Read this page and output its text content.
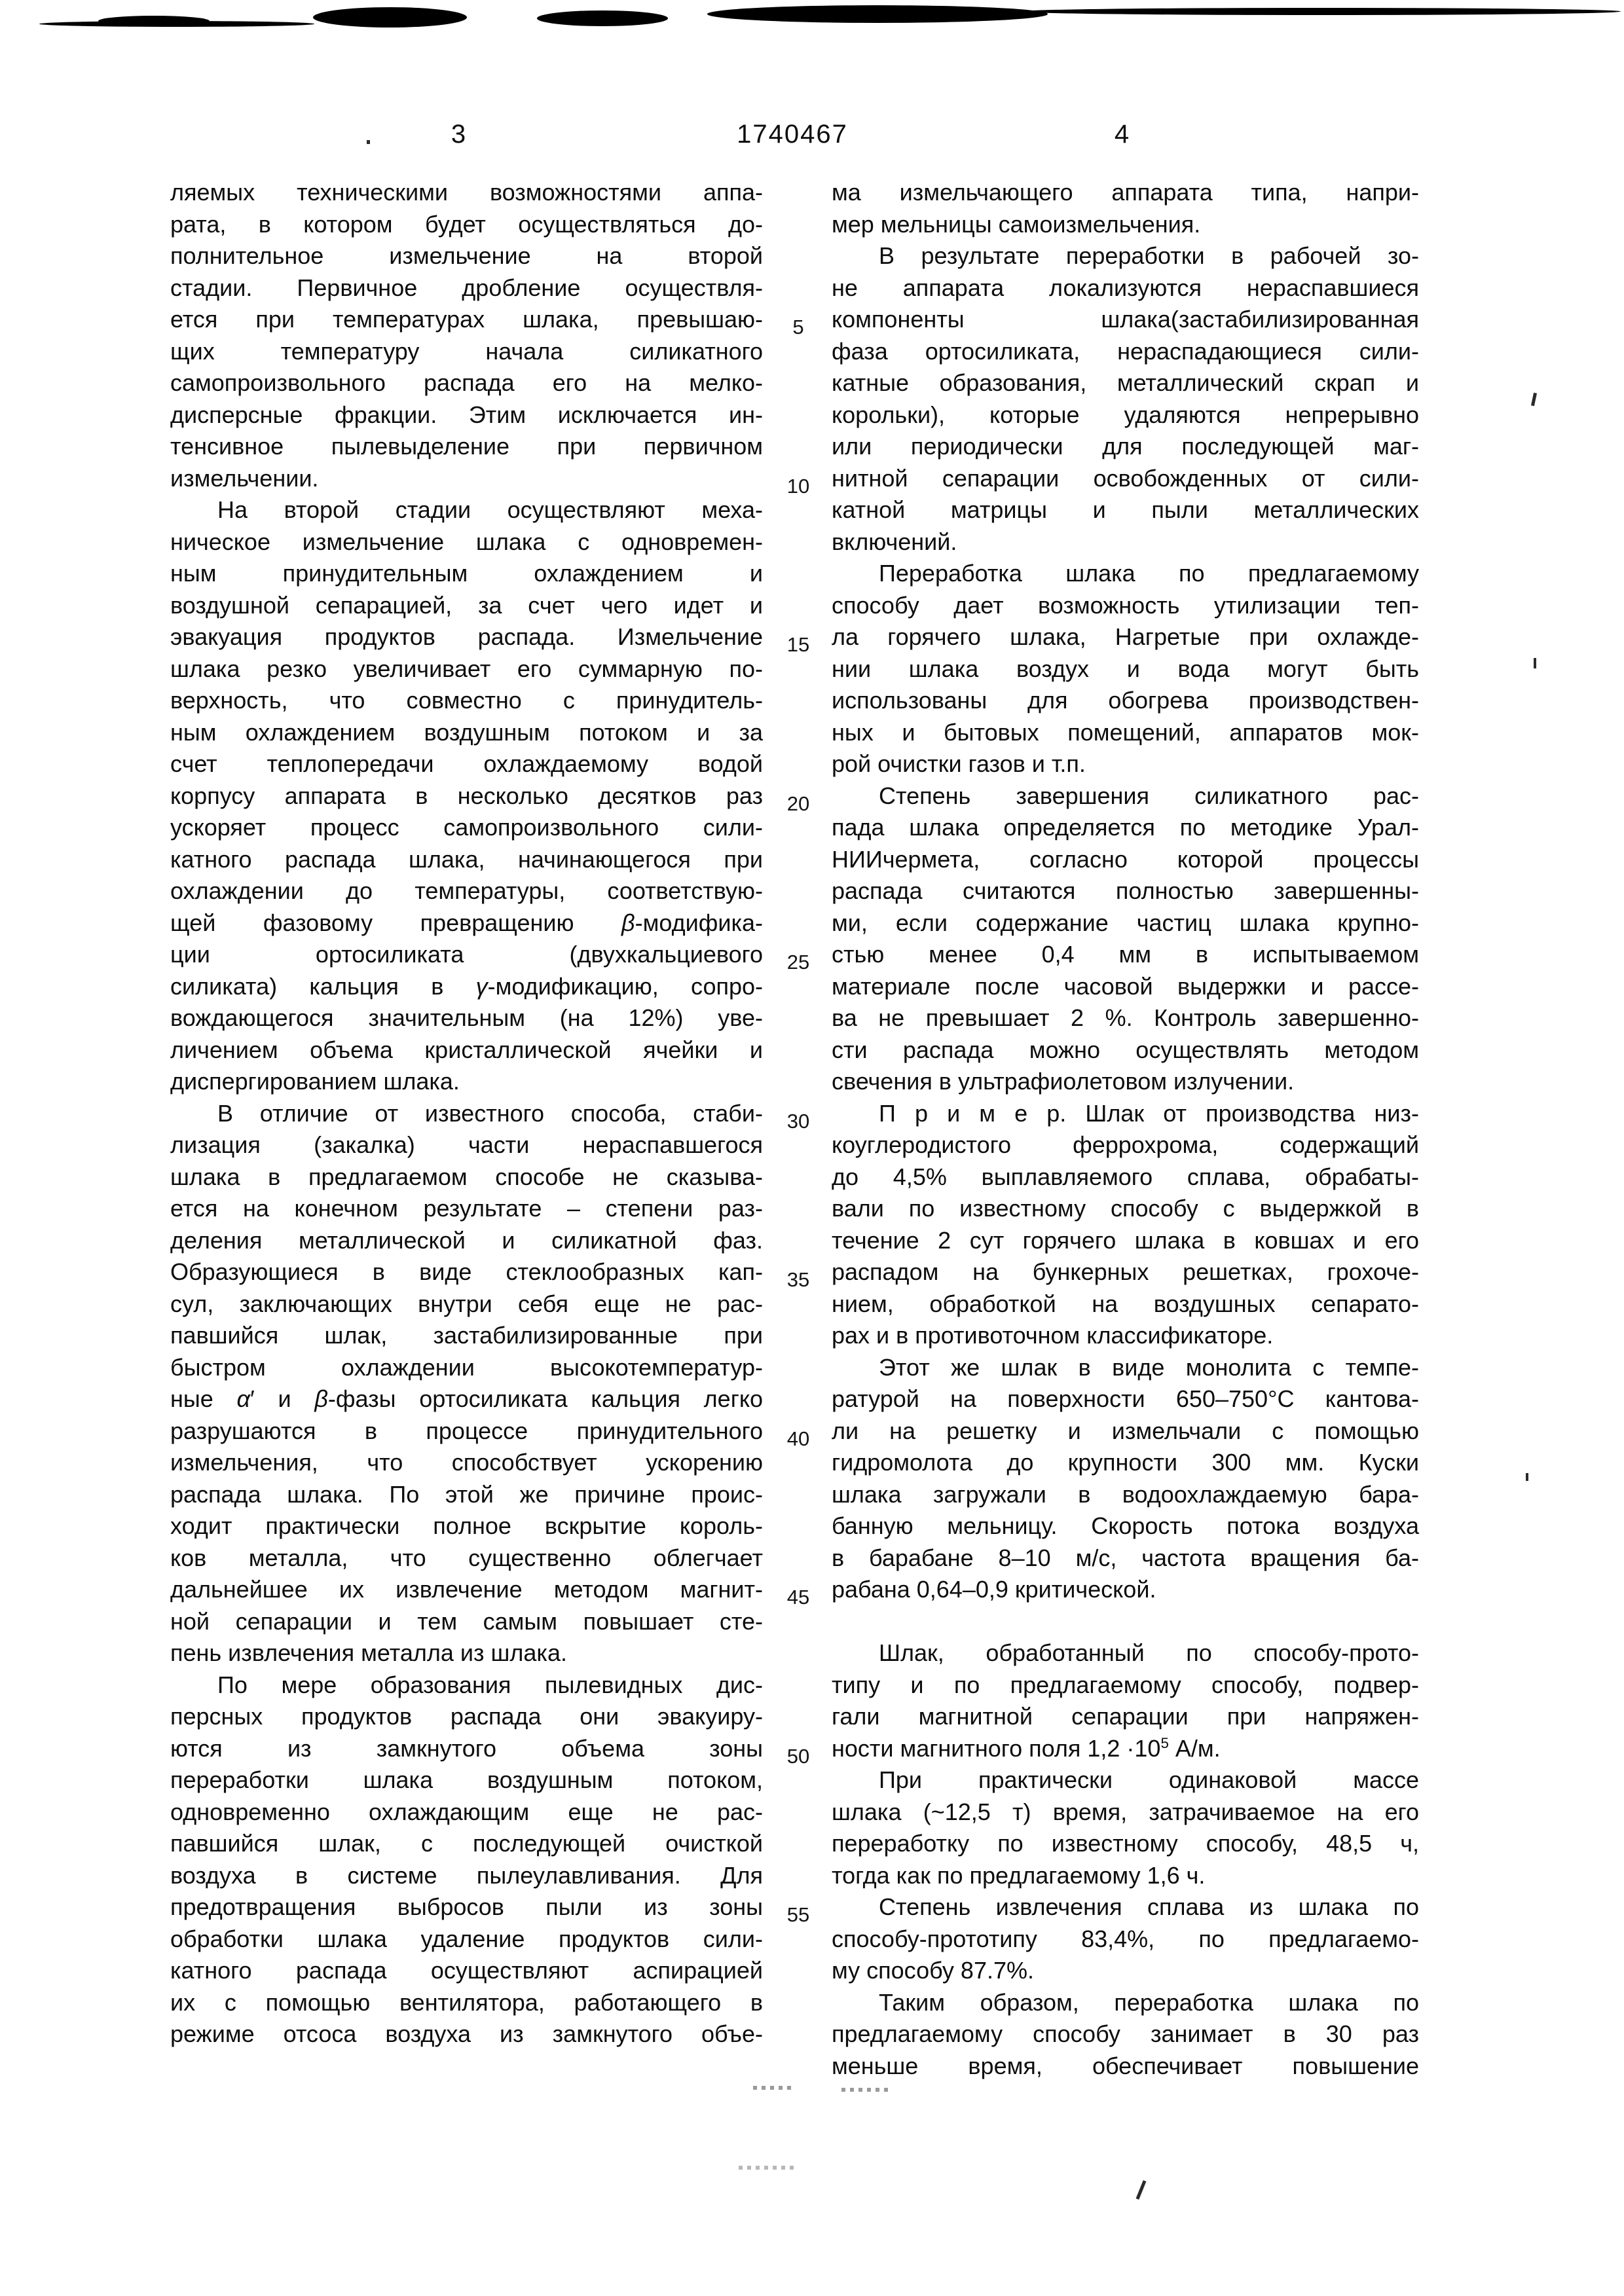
3	1740467	4
ляемых техническими возможностями аппа-
рата, в котором будет осуществляться до-
полнительное измельчение на второй
стадии. Первичное дробление осуществля-
ется при температурах шлака, превышаю-
щих температуру начала силикатного
самопроизвольного распада его на мелко-
дисперсные фракции. Этим исключается ин-
тенсивное пылевыделение при первичном
измельчении.
На второй стадии осуществляют меха-
ническое измельчение шлака с одновремен-
ным принудительным охлаждением и
воздушной сепарацией, за счет чего идет и
эвакуация продуктов распада. Измельчение
шлака резко увеличивает его суммарную по-
верхность, что совместно с принудитель-
ным охлаждением воздушным потоком и за
счет теплопередачи охлаждаемому водой
корпусу аппарата в несколько десятков раз
ускоряет процесс самопроизвольного сили-
катного распада шлака, начинающегося при
охлаждении до температуры, соответствую-
щей фазовому превращению β-модифика-
ции ортосиликата (двухкальциевого
силиката) кальция в γ-модификацию, сопро-
вождающегося значительным (на 12%) уве-
личением объема кристаллической ячейки и
диспергированием шлака.
В отличие от известного способа, стаби-
лизация (закалка) части нераспавшегося
шлака в предлагаемом способе не сказыва-
ется на конечном результате – степени раз-
деления металлической и силикатной фаз.
Образующиеся в виде стеклообразных кап-
сул, заключающих внутри себя еще не рас-
павшийся шлак, застабилизированные при
быстром охлаждении высокотемператур-
ные α′ и β-фазы ортосиликата кальция легко
разрушаются в процессе принудительного
измельчения, что способствует ускорению
распада шлака. По этой же причине проис-
ходит практически полное вскрытие король-
ков металла, что существенно облегчает
дальнейшее их извлечение методом магнит-
ной сепарации и тем самым повышает сте-
пень извлечения металла из шлака.
По мере образования пылевидных дис-
персных продуктов распада они эвакуиру-
ются из замкнутого объема зоны
переработки шлака воздушным потоком,
одновременно охлаждающим еще не рас-
павшийся шлак, с последующей очисткой
воздуха в системе пылеулавливания. Для
предотвращения выбросов пыли из зоны
обработки шлака удаление продуктов сили-
катного распада осуществляют аспирацией
их с помощью вентилятора, работающего в
режиме отсоса воздуха из замкнутого объе-
5
10
15
20
25
30
35
40
45
50
55
ма измельчающего аппарата типа, напри-
мер мельницы самоизмельчения.
В результате переработки в рабочей зо-
не аппарата локализуются нераспавшиеся
компоненты шлака(застабилизированная
фаза ортосиликата, нераспадающиеся сили-
катные образования, металлический скрап и
корольки), которые удаляются непрерывно
или периодически для последующей маг-
нитной сепарации освобожденных от сили-
катной матрицы и пыли металлических
включений.
Переработка шлака по предлагаемому
способу дает возможность утилизации теп-
ла горячего шлака, Нагретые при охлажде-
нии шлака воздух и вода могут быть
использованы для обогрева производствен-
ных и бытовых помещений, аппаратов мок-
рой очистки газов и т.п.
Степень завершения силикатного рас-
пада шлака определяется по методике Урал-
НИИчермета, согласно которой процессы
распада считаются полностью завершенны-
ми, если содержание частиц шлака крупно-
стью менее 0,4 мм в испытываемом
материале после часовой выдержки и рассе-
ва не превышает 2 %. Контроль завершенно-
сти распада можно осуществлять методом
свечения в ультрафиолетовом излучении.
П р и м е р. Шлак от производства низ-
коуглеродистого феррохрома, содержащий
до 4,5% выплавляемого сплава, обрабаты-
вали по известному способу с выдержкой в
течение 2 сут горячего шлака в ковшах и его
распадом на бункерных решетках, грохоче-
нием, обработкой на воздушных сепарато-
рах и в противоточном классификаторе.
Этот же шлак в виде монолита с темпе-
ратурой на поверхности 650–750°С кантова-
ли на решетку и измельчали с помощью
гидромолота до крупности 300 мм. Куски
шлака загружали в водоохлаждаемую бара-
банную мельницу. Скорость потока воздуха
в барабане 8–10 м/с, частота вращения ба-
рабана 0,64–0,9 критической.
Шлак, обработанный по способу-прото-
типу и по предлагаемому способу, подвер-
гали магнитной сепарации при напряжен-
ности магнитного поля $1,2 \cdot 10^5$ А/м.
При практически одинаковой массе
шлака (~12,5 т) время, затрачиваемое на его
переработку по известному способу, 48,5 ч,
тогда как по предлагаемому 1,6 ч.
Степень извлечения сплава из шлака по
способу-прототипу 83,4%, по предлагаемо-
му способу 87.7%.
Таким образом, переработка шлака по
предлагаемому способу занимает в 30 раз
меньше время, обеспечивает повышение
